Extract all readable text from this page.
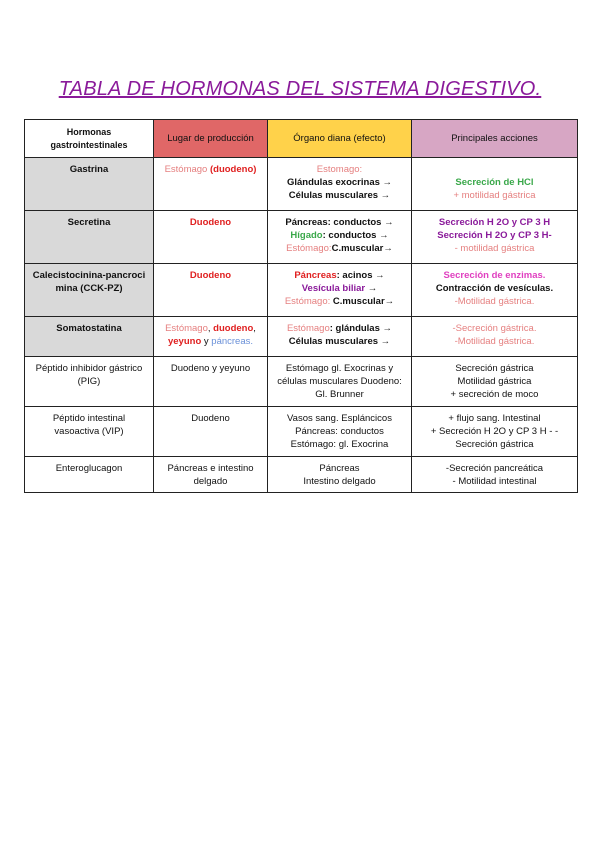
TABLA DE HORMONAS DEL SISTEMA DIGESTIVO.
Hormonas gastrointestinales	Lugar de producción	Órgano diana (efecto)	Principales acciones
Gastrina	Estómago (duodeno)	Estomago:
Glándulas exocrinas →
Células musculares →	Secreción de HCl
+ motilidad gástrica

Secretina	Duodeno	Páncreas: conductos →
Hígado: conductos →
Estómago:C.muscular→	Secreción H 2O y CP 3 H
Secreción H 2O y CP 3 H-
- motilidad gástrica

Calecistocinina-pancrocimina (CCK-PZ)	Duodeno	Páncreas: acinos →
Vesícula biliar →
Estómago: C.muscular→	Secreción de enzimas.
Contracción de vesículas.
-Motilidad gástrica.

Somatostatina	Estómago, duodeno,
yeyuno y páncreas.	Estómago: glándulas →
Células musculares →	-Secreción gástrica.
-Motilidad gástrica.

Péptido inhibidor gástrico (PIG)	Duodeno y yeyuno	Estómago gl. Exocrinas y
células musculares Duodeno:
Gl. Brunner	Secreción gástrica
Motilidad gástrica
+ secreción de moco

Péptido intestinal vasoactiva (VIP)	Duodeno	Vasos sang. Espláncicos
Páncreas: conductos
Estómago: gl. Exocrina	+ flujo sang. Intestinal
+ Secreción H 2O y CP 3 H - -
Secreción gástrica

Enteroglucagon	Páncreas e intestino delgado	Páncreas
Intestino delgado	-Secreción pancreática
- Motilidad intestinal
